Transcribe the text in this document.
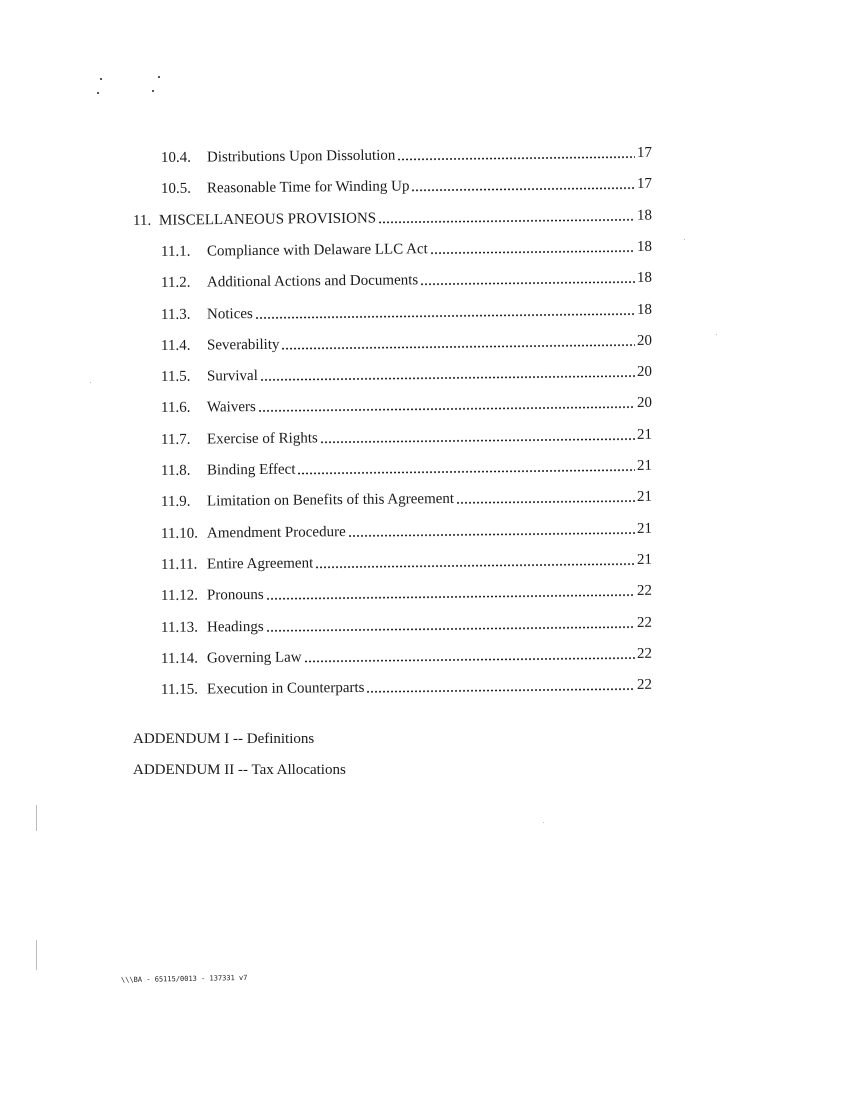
10.4.	Distributions Upon Dissolution	17
10.5.	Reasonable Time for Winding Up	17
11. MISCELLANEOUS PROVISIONS	18
11.1.	Compliance with Delaware LLC Act	18
11.2.	Additional Actions and Documents	18
11.3.	Notices	18
11.4.	Severability	20
11.5.	Survival	20
11.6.	Waivers	20
11.7.	Exercise of Rights	21
11.8.	Binding Effect	21
11.9.	Limitation on Benefits of this Agreement	21
11.10. Amendment Procedure	21
11.11. Entire Agreement	21
11.12. Pronouns	22
11.13. Headings	22
11.14. Governing Law	22
11.15. Execution in Counterparts	22
ADDENDUM I -- Definitions
ADDENDUM II -- Tax Allocations
\\\BA - 65115/0013 - 137331 v7
